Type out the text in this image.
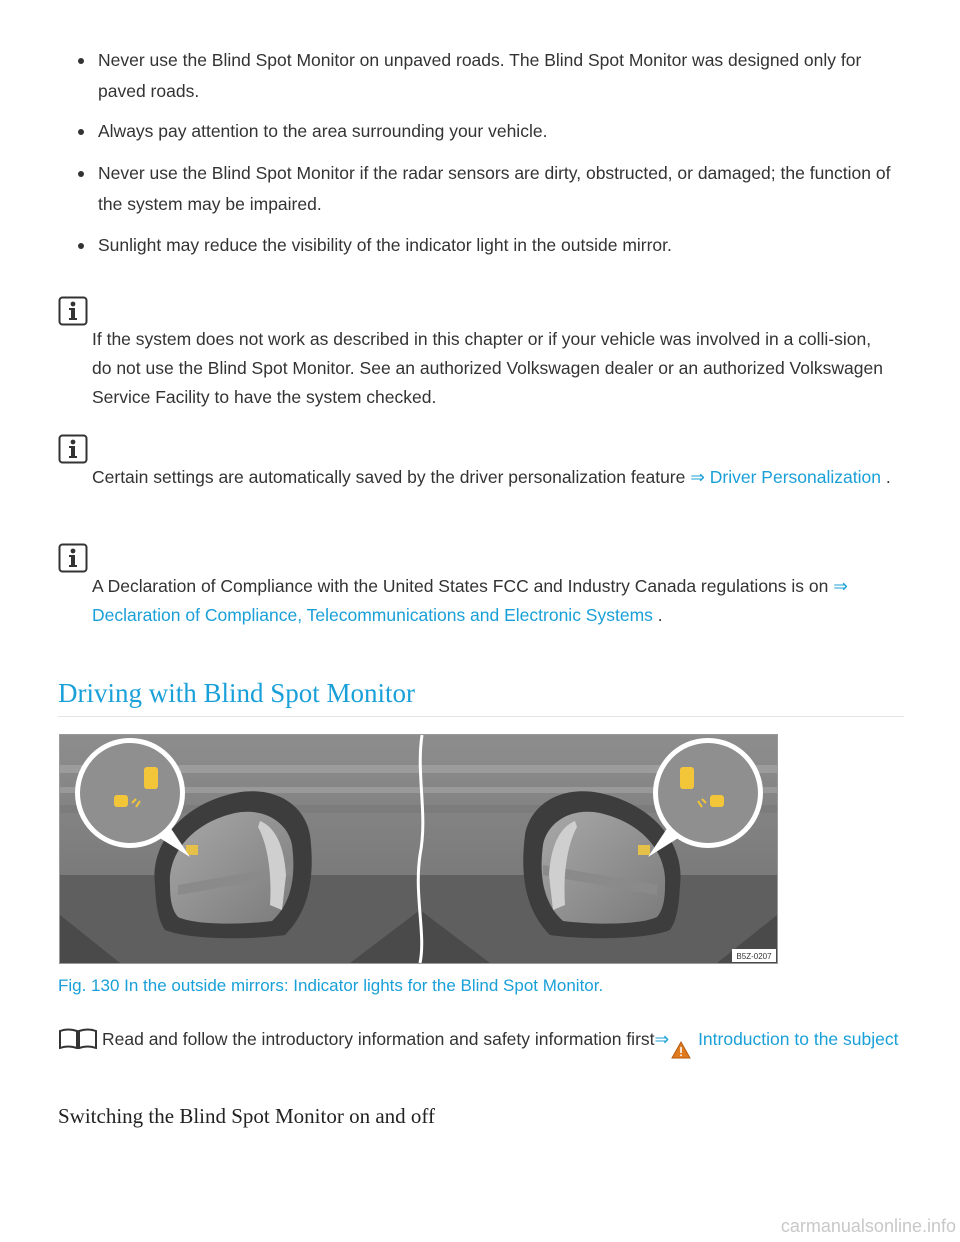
Never use the Blind Spot Monitor on unpaved roads. The Blind Spot Monitor was designed only for paved roads.
Always pay attention to the area surrounding your vehicle.
Never use the Blind Spot Monitor if the radar sensors are dirty, obstructed, or damaged; the function of the system may be impaired.
Sunlight may reduce the visibility of the indicator light in the outside mirror.
If the system does not work as described in this chapter or if your vehicle was involved in a colli-sion, do not use the Blind Spot Monitor. See an authorized Volkswagen dealer or an authorized Volkswagen Service Facility to have the system checked.
Certain settings are automatically saved by the driver personalization feature ⇒ Driver Personalization .
A Declaration of Compliance with the United States FCC and Industry Canada regulations is on ⇒ Declaration of Compliance, Telecommunications and Electronic Systems .
Driving with Blind Spot Monitor
B5Z-0207
Fig. 130 In the outside mirrors: Indicator lights for the Blind Spot Monitor.
Read and follow the introductory information and safety information first⇒ Introduction to the subject
Switching the Blind Spot Monitor on and off
carmanualsonline.info
